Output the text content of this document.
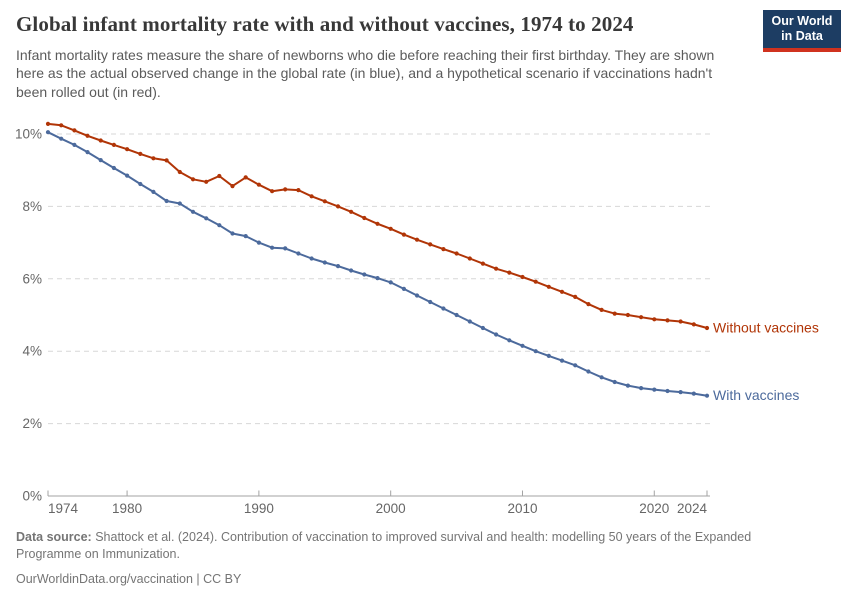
Global infant mortality rate with and without vaccines, 1974 to 2024

Infant mortality rates measure the share of newborns who die before reaching their first birthday. They are shown here as the actual observed change in the global rate (in blue), and a hypothetical scenario if vaccinations hadn't been rolled out (in red).

Our World
in Data
0%
2%
4%
6%
8%
10%
1974	1980	1990	2000	2010	2020 2024
Without vaccines
With vaccines

Data source: Shattock et al. (2024). Contribution of vaccination to improved survival and health: modelling 50 years of the Expanded Programme on Immunization.

OurWorldinData.org/vaccination | CC BY
